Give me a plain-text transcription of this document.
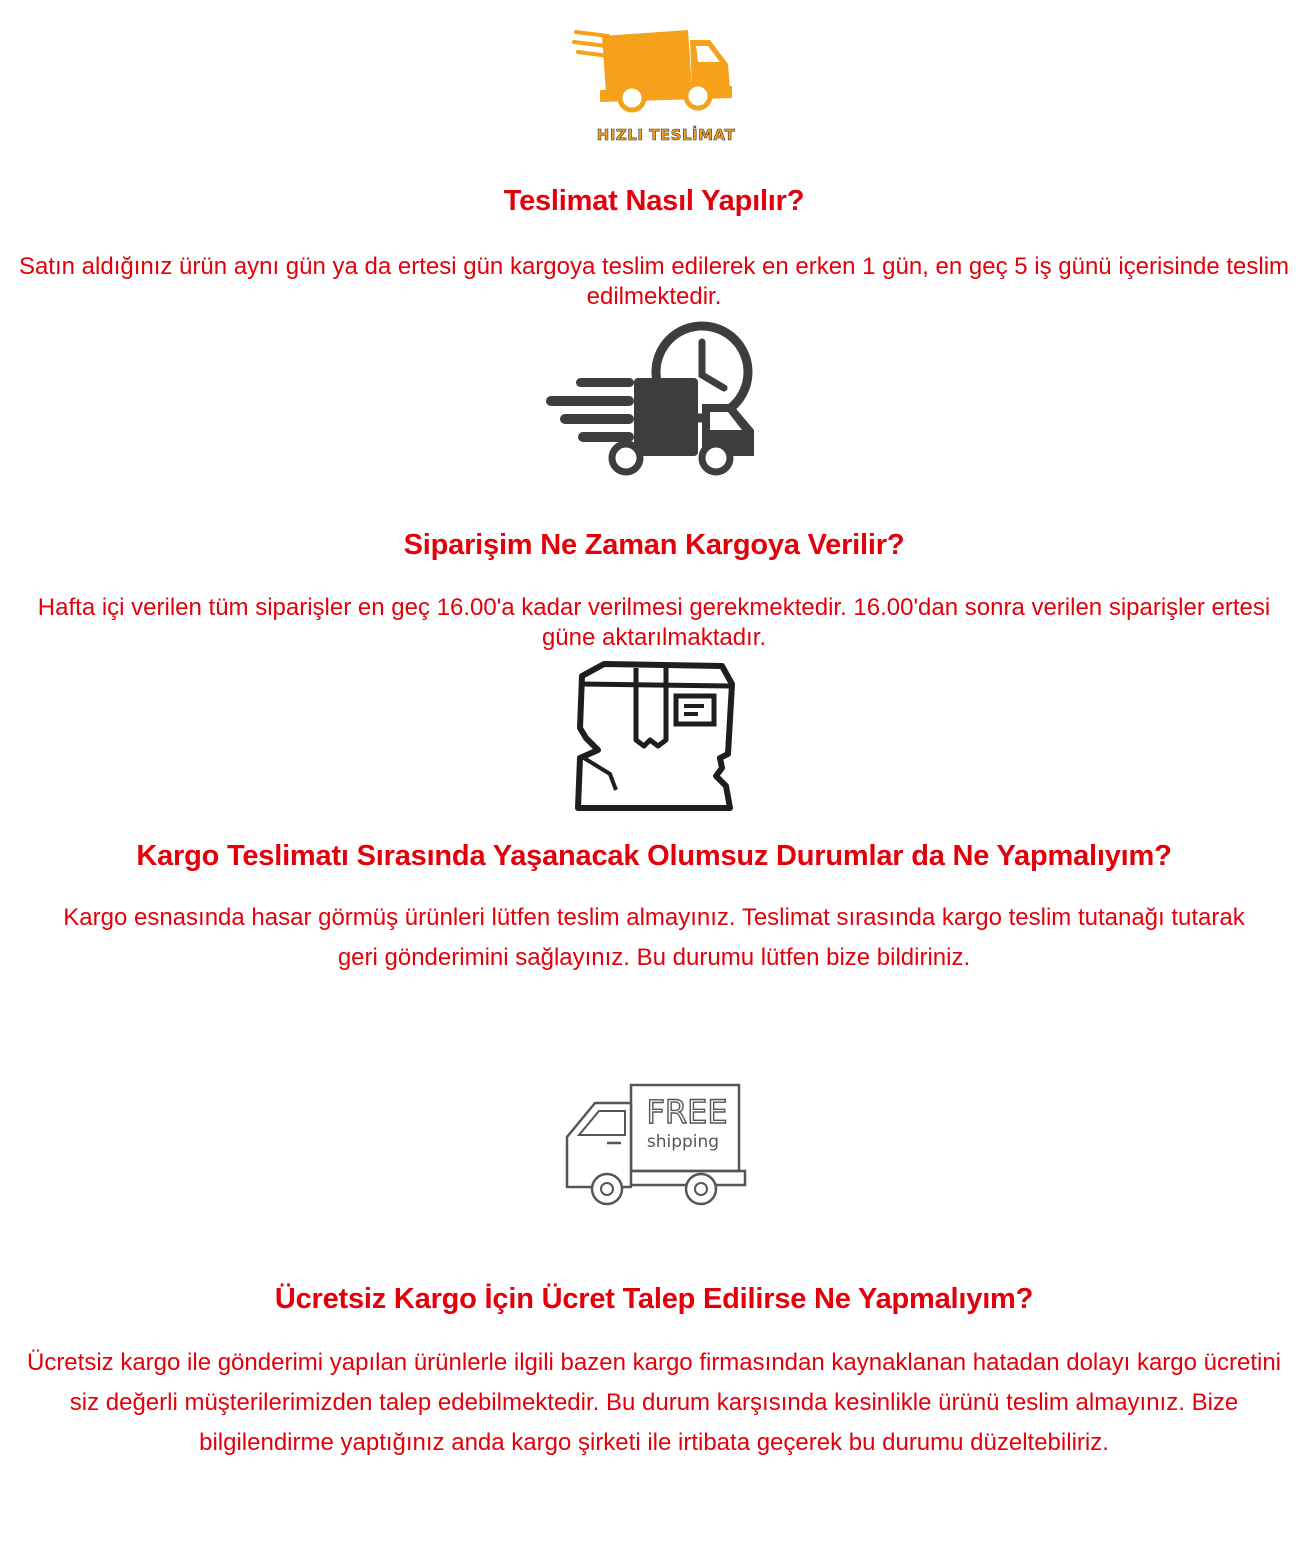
HIZLI TESLİMAT
Teslimat Nasıl Yapılır?

Satın aldığınız ürün aynı gün ya da ertesi gün kargoya teslim edilerek en erken 1 gün, en geç 5 iş günü içerisinde teslim edilmektedir.

Siparişim Ne Zaman Kargoya Verilir?

Hafta içi verilen tüm siparişler en geç 16.00'a kadar verilmesi gerekmektedir. 16.00'dan sonra verilen siparişler ertesi güne aktarılmaktadır.

Kargo Teslimatı Sırasında Yaşanacak Olumsuz Durumlar da Ne Yapmalıyım?

Kargo esnasında hasar görmüş ürünleri lütfen teslim almayınız. Teslimat sırasında kargo teslim tutanağı tutarak geri gönderimini sağlayınız. Bu durumu lütfen bize bildiriniz.

FREE
shipping
Ücretsiz Kargo İçin Ücret Talep Edilirse Ne Yapmalıyım?

Ücretsiz kargo ile gönderimi yapılan ürünlerle ilgili bazen kargo firmasından kaynaklanan hatadan dolayı kargo ücretini siz değerli müşterilerimizden talep edebilmektedir. Bu durum karşısında kesinlikle ürünü teslim almayınız. Bize bilgilendirme yaptığınız anda kargo şirketi ile irtibata geçerek bu durumu düzeltebiliriz.
